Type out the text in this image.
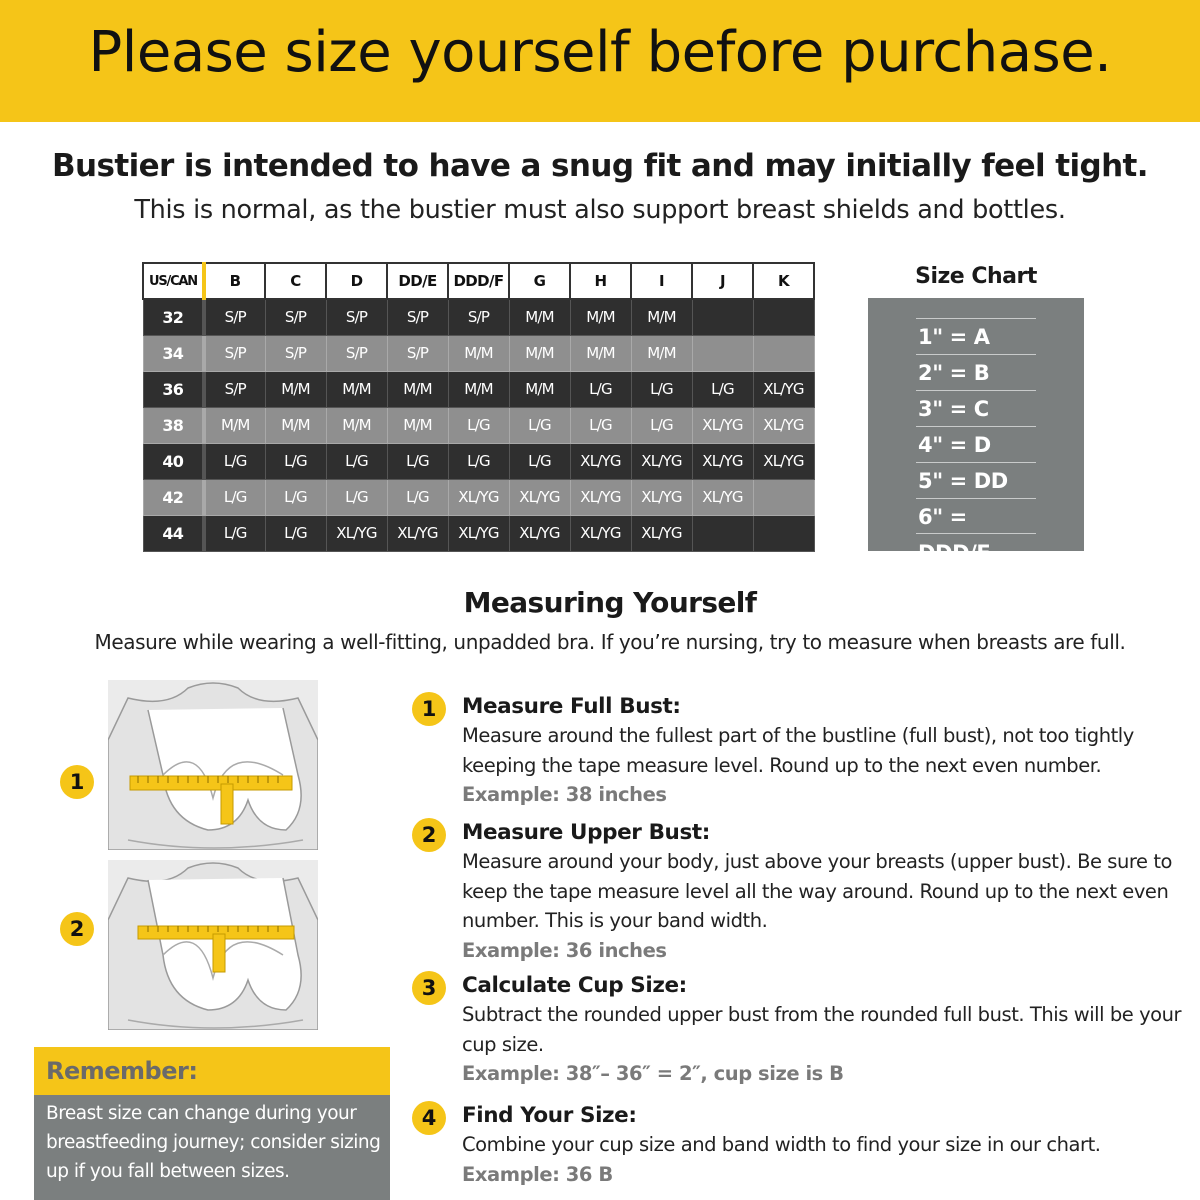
Please size yourself before purchase.
Bustier is intended to have a snug fit and may initially feel tight.
This is normal, as the bustier must also support breast shields and bottles.
US/CAN	B	C	D	DD/E	DDD/F	G	H	I	J	K
32	S/P	S/P	S/P	S/P	S/P	M/M	M/M	M/M		
34	S/P	S/P	S/P	S/P	M/M	M/M	M/M	M/M		
36	S/P	M/M	M/M	M/M	M/M	M/M	L/G	L/G	L/G	XL/YG
38	M/M	M/M	M/M	M/M	L/G	L/G	L/G	L/G	XL/YG	XL/YG
40	L/G	L/G	L/G	L/G	L/G	L/G	XL/YG	XL/YG	XL/YG	XL/YG
42	L/G	L/G	L/G	L/G	XL/YG	XL/YG	XL/YG	XL/YG	XL/YG	
44	L/G	L/G	XL/YG	XL/YG	XL/YG	XL/YG	XL/YG	XL/YG		
Size Chart
1" = A
2" = B
3" = C
4" = D
5" = DD
6" = DDD/F
Measuring Yourself
Measure while wearing a well-fitting, unpadded bra. If you’re nursing, try to measure when breasts are full.
1
2
Remember:
Breast size can change during your breastfeeding journey; consider sizing up if you fall between sizes.
1	Measure Full Bust:
Measure around the fullest part of the bustline (full bust), not too tightly keeping the tape measure level. Round up to the next even number.
Example: 38 inches
2	Measure Upper Bust:
Measure around your body, just above your breasts (upper bust). Be sure to keep the tape measure level all the way around. Round up to the next even number. This is your band width.
Example: 36 inches
3	Calculate Cup Size:
Subtract the rounded upper bust from the rounded full bust. This will be your cup size.
Example: 38″– 36″ = 2″, cup size is B
4	Find Your Size:
Combine your cup size and band width to find your size in our chart.
Example: 36 B
